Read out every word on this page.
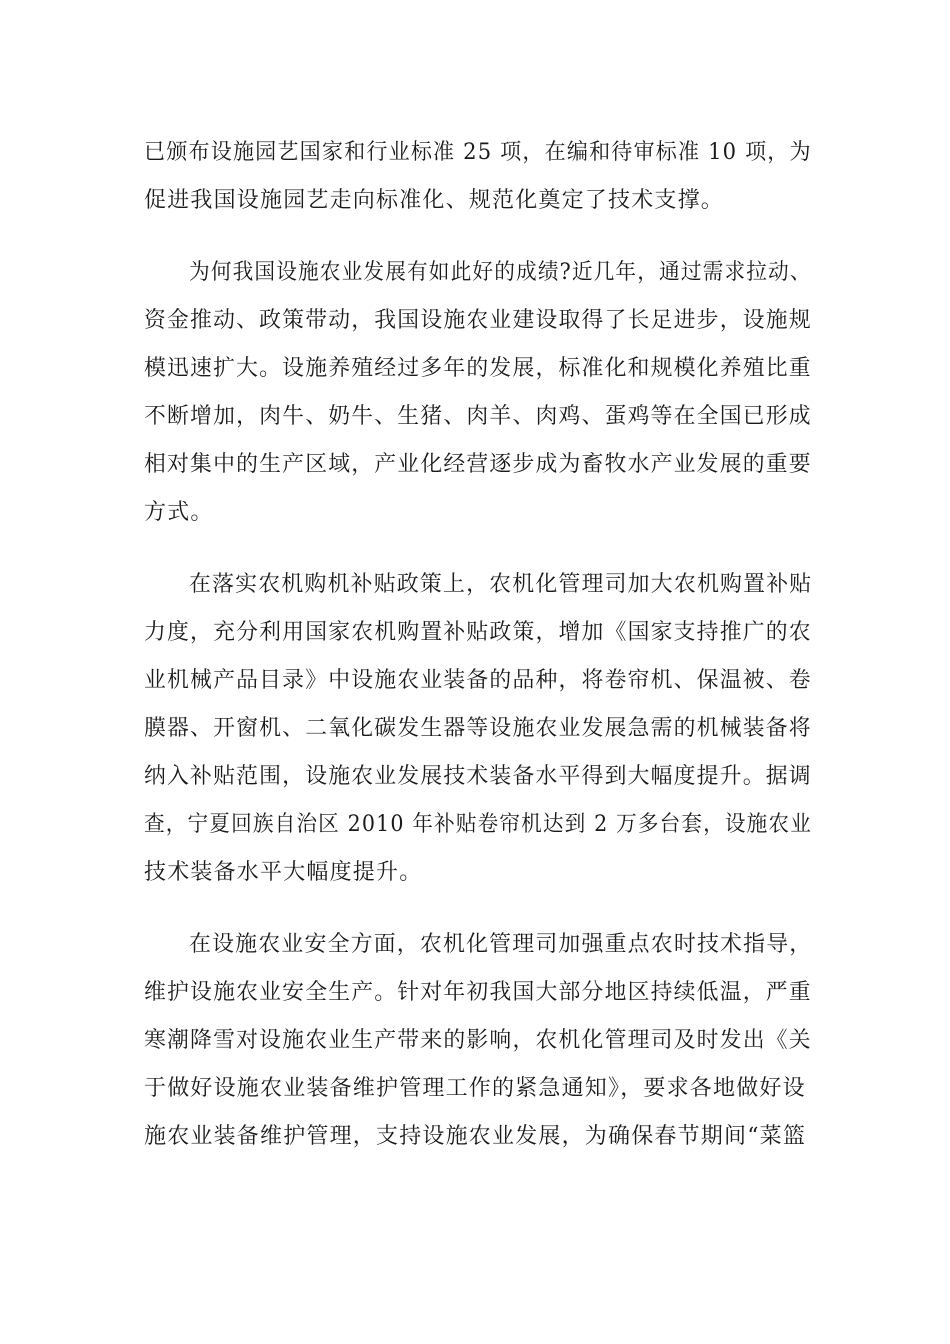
已颁布设施园艺国家和行业标准 25 项，在编和待审标准 10 项，为
促进我国设施园艺走向标准化、规范化奠定了技术支撑。
为何我国设施农业发展有如此好的成绩?近几年，通过需求拉动、
资金推动、政策带动，我国设施农业建设取得了长足进步，设施规
模迅速扩大。设施养殖经过多年的发展，标准化和规模化养殖比重
不断增加，肉牛、奶牛、生猪、肉羊、肉鸡、蛋鸡等在全国已形成
相对集中的生产区域，产业化经营逐步成为畜牧水产业发展的重要
方式。
在落实农机购机补贴政策上，农机化管理司加大农机购置补贴
力度，充分利用国家农机购置补贴政策，增加《国家支持推广的农
业机械产品目录》中设施农业装备的品种，将卷帘机、保温被、卷
膜器、开窗机、二氧化碳发生器等设施农业发展急需的机械装备将
纳入补贴范围，设施农业发展技术装备水平得到大幅度提升。据调
查，宁夏回族自治区 2010 年补贴卷帘机达到 2 万多台套，设施农业
技术装备水平大幅度提升。
在设施农业安全方面，农机化管理司加强重点农时技术指导，
维护设施农业安全生产。针对年初我国大部分地区持续低温，严重
寒潮降雪对设施农业生产带来的影响，农机化管理司及时发出《关
于做好设施农业装备维护管理工作的紧急通知》，要求各地做好设
施农业装备维护管理，支持设施农业发展，为确保春节期间“菜篮
